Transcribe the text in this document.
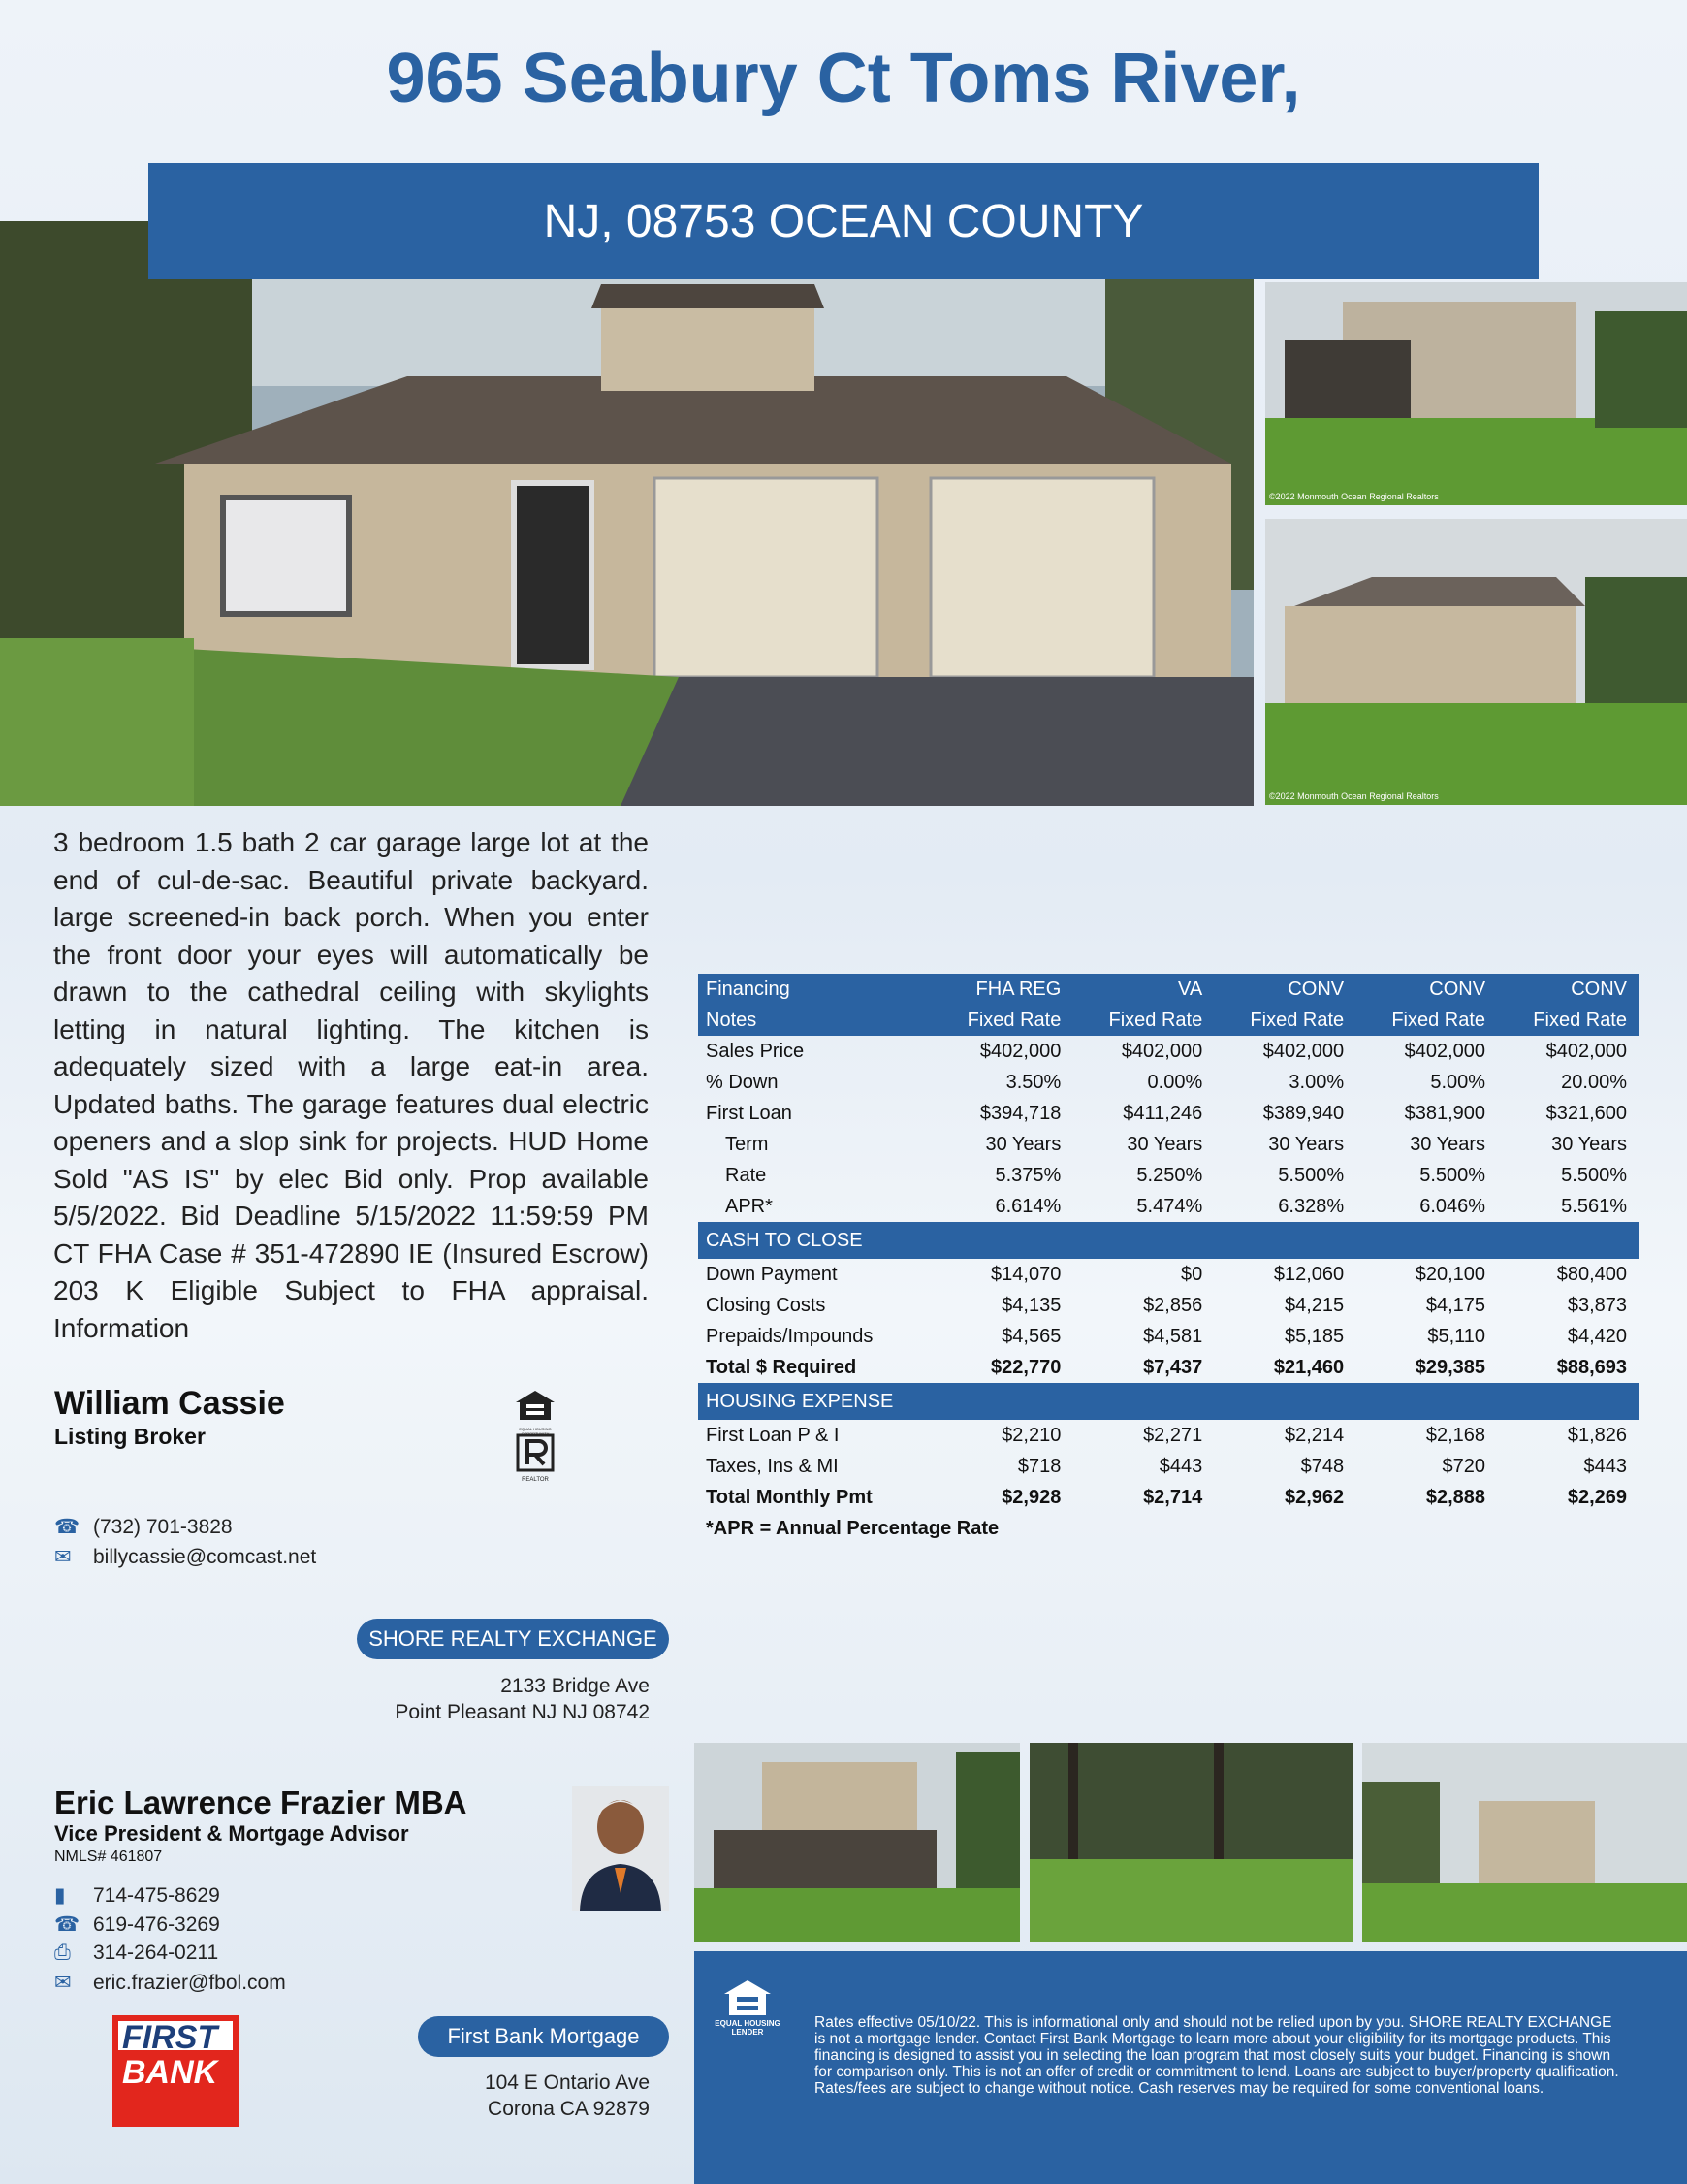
965 Seabury Ct Toms River,
NJ, 08753 OCEAN COUNTY
©2022 Monmouth Ocean Regional Realtors
©2022 Monmouth Ocean Regional Realtors
3 bedroom 1.5 bath 2 car garage large lot at the end of cul-de-sac. Beautiful private backyard. large screened-in back porch. When you enter the front door your eyes will automatically be drawn to the cathedral ceiling with skylights letting in natural lighting. The kitchen is adequately sized with a large eat-in area. Updated baths. The garage features dual electric openers and a slop sink for projects. HUD Home Sold "AS IS" by elec Bid only. Prop available 5/5/2022. Bid Deadline 5/15/2022 11:59:59 PM CT FHA Case # 351-472890 IE (Insured Escrow) 203 K Eligible Subject to FHA appraisal. Information
William Cassie
Listing Broker	EQUAL HOUSING OPPORTUNITY
REALTOR
☎ (732) 701-3828
✉	billycassie@comcast.net
SHORE REALTY EXCHANGE
2133 Bridge Ave
Point Pleasant NJ NJ 08742
Eric Lawrence Frazier MBA
Vice President & Mortgage Advisor
NMLS# 461807
▮	714-475-8629
☎ 619-476-3269
⎙	314-264-0211
✉	eric.frazier@fbol.com
FIRST
BANK
First Bank Mortgage
104 E Ontario Ave
Corona CA 92879
Financing	FHA REG	VA	CONV	CONV	CONV
Notes	Fixed Rate	Fixed Rate	Fixed Rate	Fixed Rate	Fixed Rate
Sales Price	$402,000	$402,000	$402,000	$402,000	$402,000
% Down	3.50%	0.00%	3.00%	5.00%	20.00%
First Loan	$394,718	$411,246	$389,940	$381,900	$321,600
Term	30 Years	30 Years	30 Years	30 Years	30 Years
Rate	5.375%	5.250%	5.500%	5.500%	5.500%
APR*	6.614%	5.474%	6.328%	6.046%	5.561%
CASH TO CLOSE					
Down Payment	$14,070	$0	$12,060	$20,100	$80,400
Closing Costs	$4,135	$2,856	$4,215	$4,175	$3,873
Prepaids/Impounds	$4,565	$4,581	$5,185	$5,110	$4,420
Total $ Required	$22,770	$7,437	$21,460	$29,385	$88,693
HOUSING EXPENSE					
First Loan P & I	$2,210	$2,271	$2,214	$2,168	$1,826
Taxes, Ins & MI	$718	$443	$748	$720	$443
Total Monthly Pmt	$2,928	$2,714	$2,962	$2,888	$2,269
*APR = Annual Percentage Rate					
EQUAL HOUSING LENDER
Rates effective 05/10/22. This is informational only and should not be relied upon by you. SHORE REALTY EXCHANGE is not a mortgage lender. Contact First Bank Mortgage to learn more about your eligibility for its mortgage products. This financing is designed to assist you in selecting the loan program that most closely suits your budget. Financing is shown for comparison only. This is not an offer of credit or commitment to lend. Loans are subject to buyer/property qualification. Rates/fees are subject to change without notice. Cash reserves may be required for some conventional loans.
